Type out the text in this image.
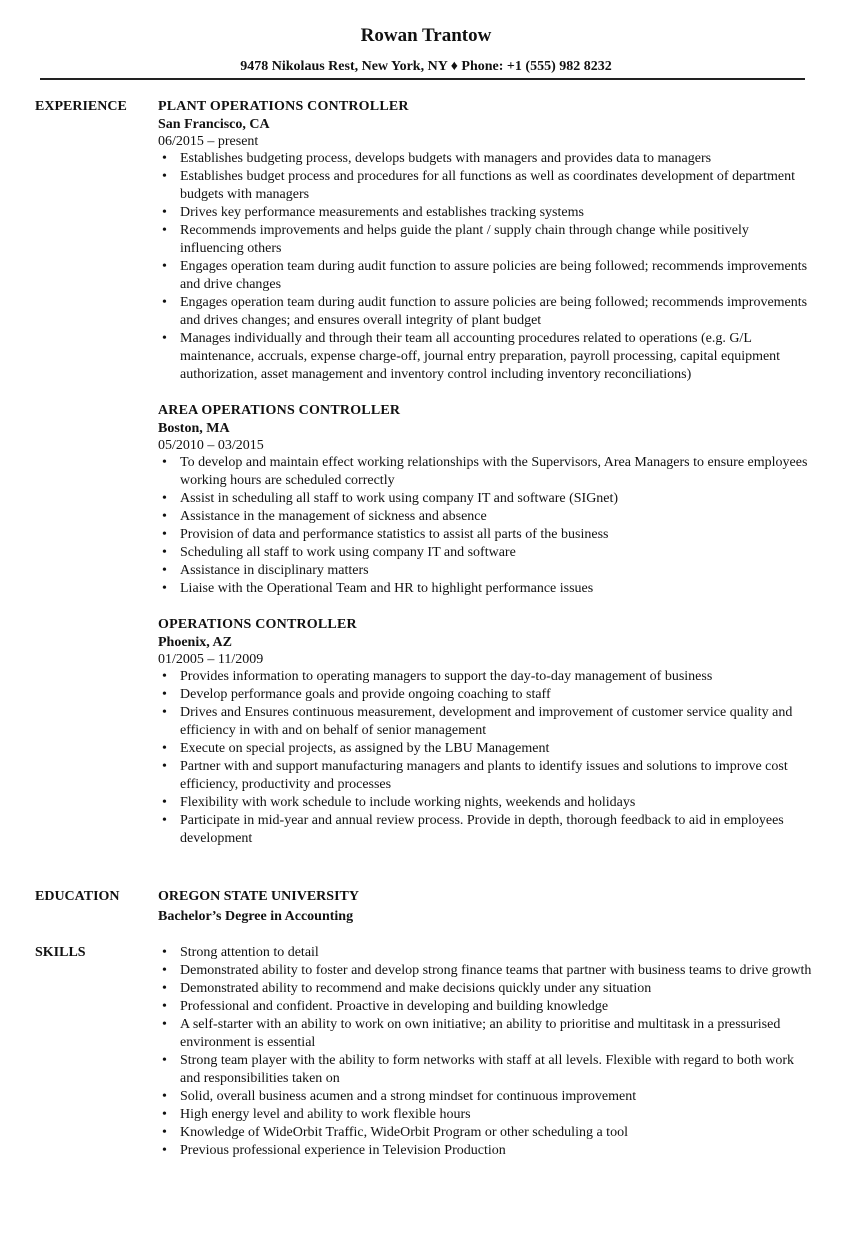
Rowan Trantow
9478 Nikolaus Rest, New York, NY ♦ Phone: +1 (555) 982 8232
EXPERIENCE PLANT OPERATIONS CONTROLLER
San Francisco, CA
06/2015 – present
• Establishes budgeting process, develops budgets with managers and provides data to managers
• Establishes budget process and procedures for all functions as well as coordinates development of department budgets with managers
• Drives key performance measurements and establishes tracking systems
• Recommends improvements and helps guide the plant / supply chain through change while positively influencing others
• Engages operation team during audit function to assure policies are being followed; recommends improvements and drive changes
• Engages operation team during audit function to assure policies are being followed; recommends improvements and drives changes; and ensures overall integrity of plant budget
• Manages individually and through their team all accounting procedures related to operations (e.g. G/L maintenance, accruals, expense charge-off, journal entry preparation, payroll processing, capital equipment authorization, asset management and inventory control including inventory reconciliations)
AREA OPERATIONS CONTROLLER
Boston, MA
05/2010 – 03/2015
• To develop and maintain effect working relationships with the Supervisors, Area Managers to ensure employees working hours are scheduled correctly
• Assist in scheduling all staff to work using company IT and software (SIGnet)
• Assistance in the management of sickness and absence
• Provision of data and performance statistics to assist all parts of the business
• Scheduling all staff to work using company IT and software
• Assistance in disciplinary matters
• Liaise with the Operational Team and HR to highlight performance issues
OPERATIONS CONTROLLER
Phoenix, AZ
01/2005 – 11/2009
• Provides information to operating managers to support the day-to-day management of business
• Develop performance goals and provide ongoing coaching to staff
• Drives and Ensures continuous measurement, development and improvement of customer service quality and efficiency in with and on behalf of senior management
• Execute on special projects, as assigned by the LBU Management
• Partner with and support manufacturing managers and plants to identify issues and solutions to improve cost efficiency, productivity and processes
• Flexibility with work schedule to include working nights, weekends and holidays
• Participate in mid-year and annual review process. Provide in depth, thorough feedback to aid in employees development
EDUCATION	OREGON STATE UNIVERSITY
Bachelor’s Degree in Accounting
SKILLS
•	Strong attention to detail
• Demonstrated ability to foster and develop strong finance teams that partner with business teams to drive growth
• Demonstrated ability to recommend and make decisions quickly under any situation
• Professional and confident. Proactive in developing and building knowledge
• A self-starter with an ability to work on own initiative; an ability to prioritise and multitask in a pressurised environment is essential
• Strong team player with the ability to form networks with staff at all levels. Flexible with regard to both work and responsibilities taken on
• Solid, overall business acumen and a strong mindset for continuous improvement
• High energy level and ability to work flexible hours
• Knowledge of WideOrbit Traffic, WideOrbit Program or other scheduling a tool
• Previous professional experience in Television Production
